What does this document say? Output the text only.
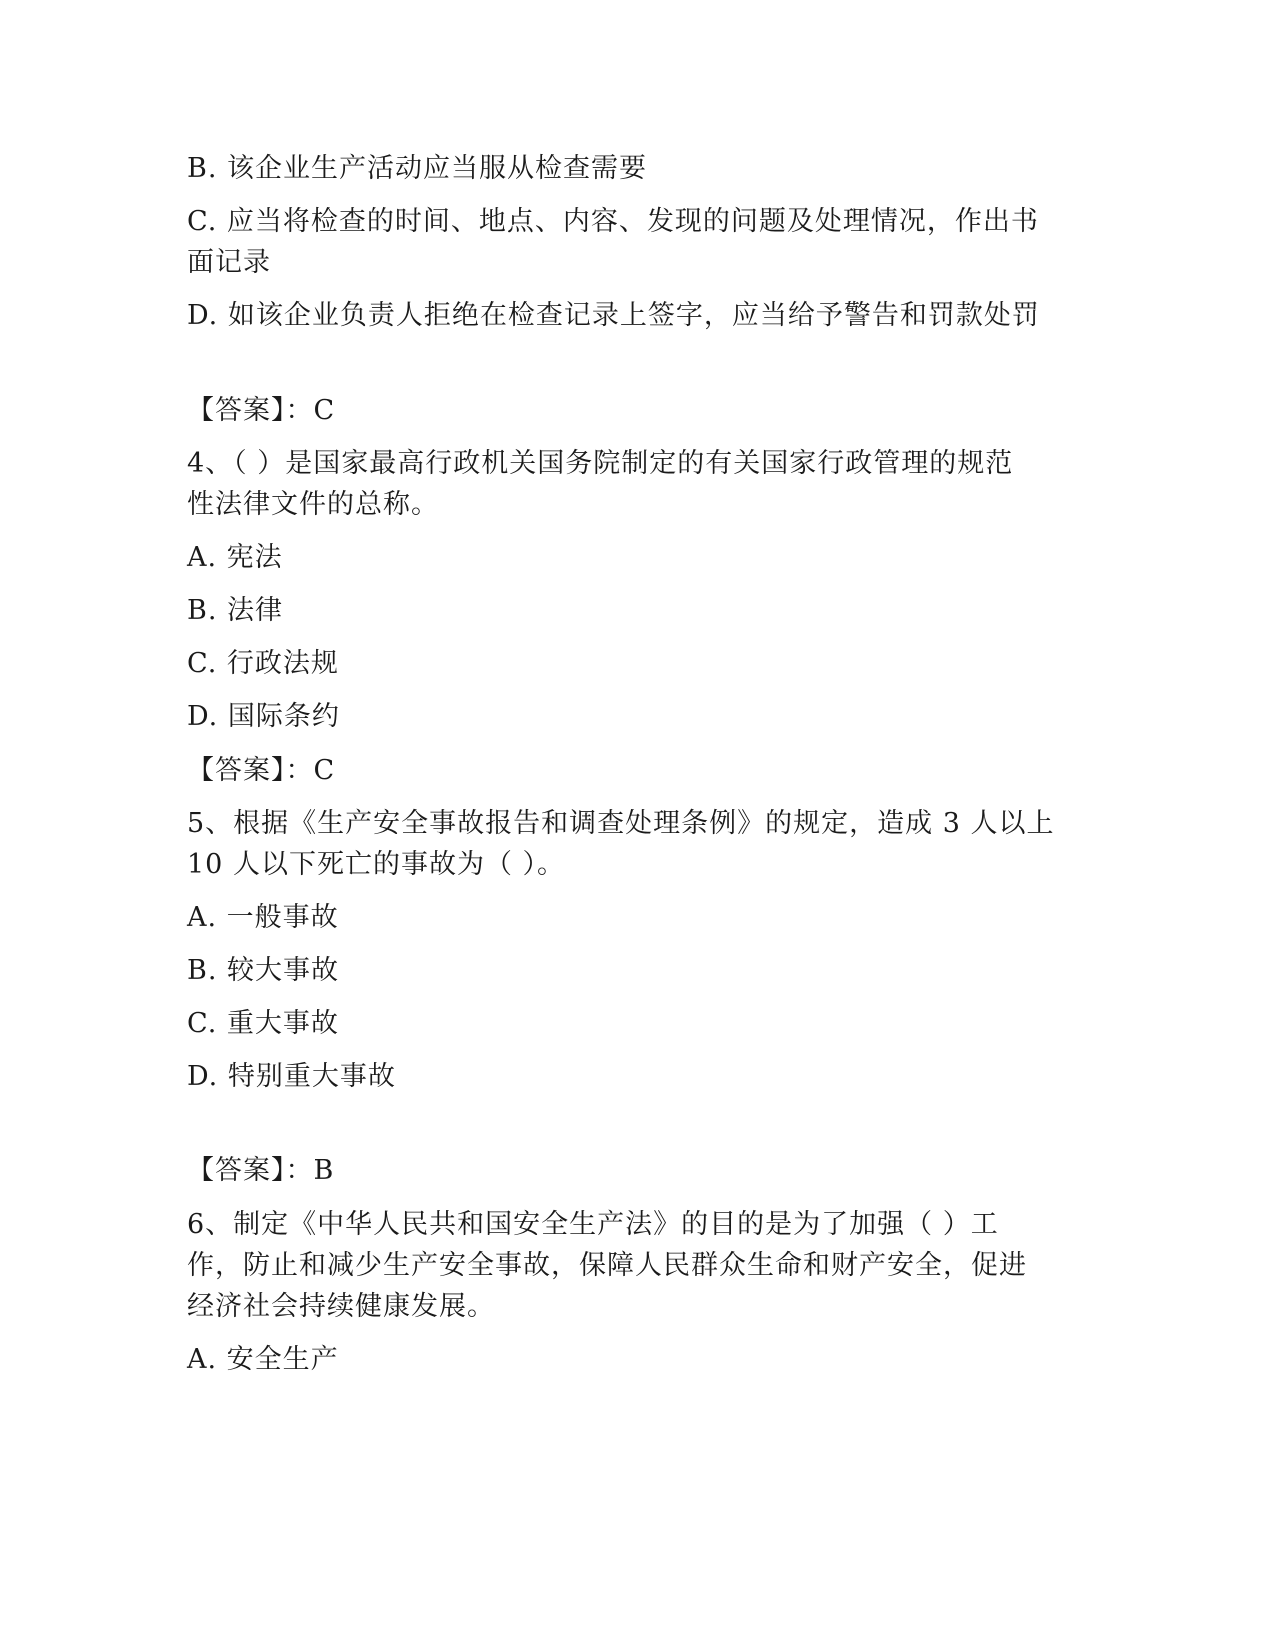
B. 该企业生产活动应当服从检查需要
C. 应当将检查的时间、地点、内容、发现的问题及处理情况，作出书
面记录
D. 如该企业负责人拒绝在检查记录上签字，应当给予警告和罚款处罚
【答案】：C
4、（ ）是国家最高行政机关国务院制定的有关国家行政管理的规范
性法律文件的总称。
A. 宪法
B. 法律
C. 行政法规
D. 国际条约
【答案】：C
5、根据《生产安全事故报告和调查处理条例》的规定，造成 3 人以上
10 人以下死亡的事故为（ ）。
A. 一般事故
B. 较大事故
C. 重大事故
D. 特别重大事故
【答案】：B
6、制定《中华人民共和国安全生产法》的目的是为了加强（ ）工
作，防止和减少生产安全事故，保障人民群众生命和财产安全，促进
经济社会持续健康发展。
A. 安全生产
